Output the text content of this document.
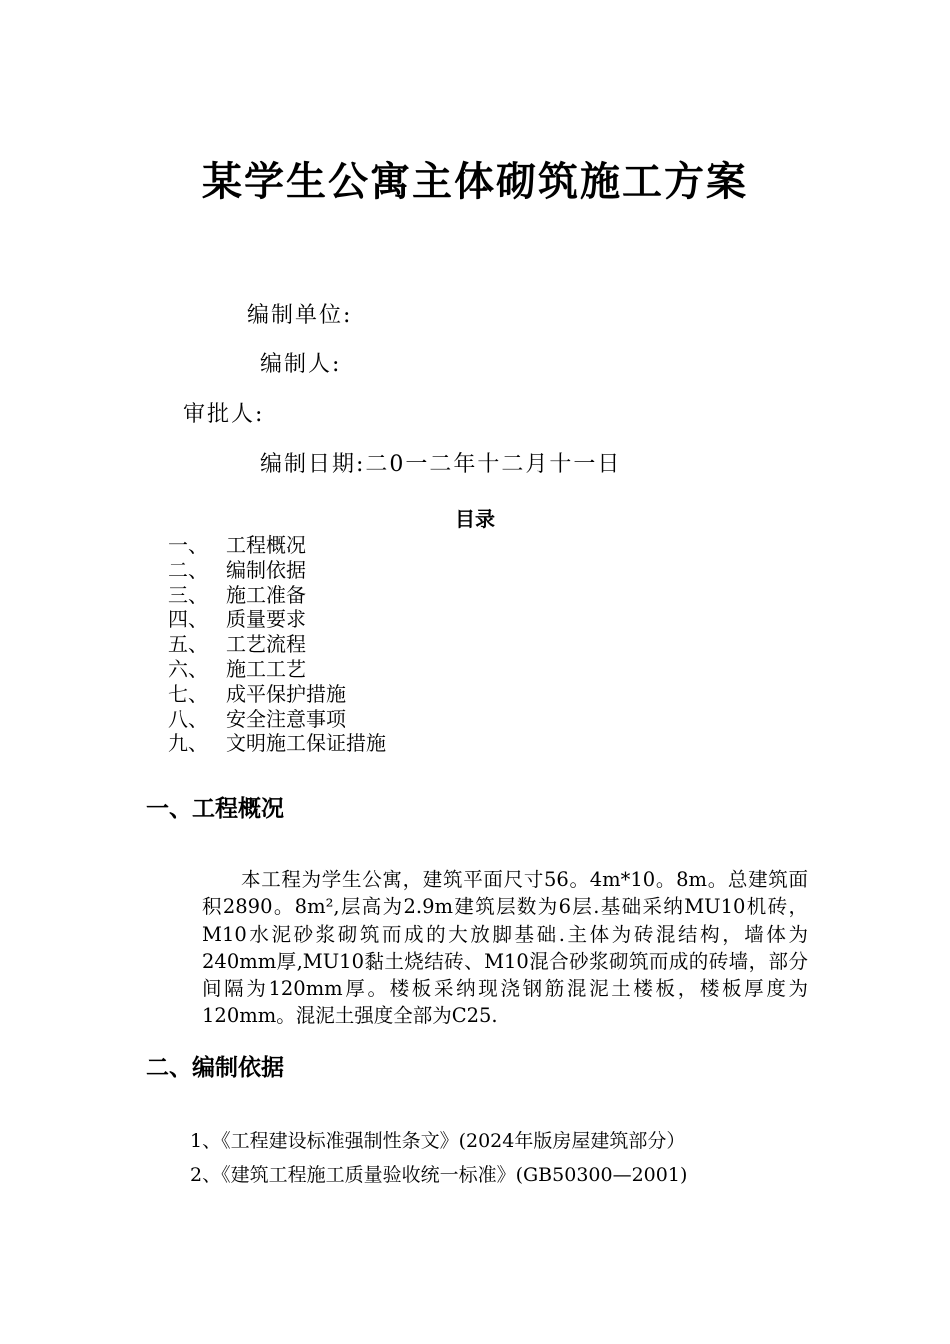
某学生公寓主体砌筑施工方案
编制单位:
编制人:
审批人:
编制日期:二0一二年十二月十一日
目录
一、 工程概况
二、 编制依据
三、 施工准备
四、 质量要求
五、 工艺流程
六、 施工工艺
七、 成平保护措施
八、 安全注意事项
九、 文明施工保证措施
一、工程概况
本工程为学生公寓，建筑平面尺寸56。4m*10。8m。总建筑面积2890。8m²,层高为2.9m建筑层数为6层.基础采纳MU10机砖，M10水泥砂浆砌筑而成的大放脚基础.主体为砖混结构，墙体为240mm厚,MU10黏土烧结砖、M10混合砂浆砌筑而成的砖墙，部分间隔为120mm厚。楼板采纳现浇钢筋混泥土楼板，楼板厚度为120mm。混泥土强度全部为C25.
二、编制依据
1、《工程建设标准强制性条文》(2024年版房屋建筑部分）
2、《建筑工程施工质量验收统一标准》(GB50300—2001)
